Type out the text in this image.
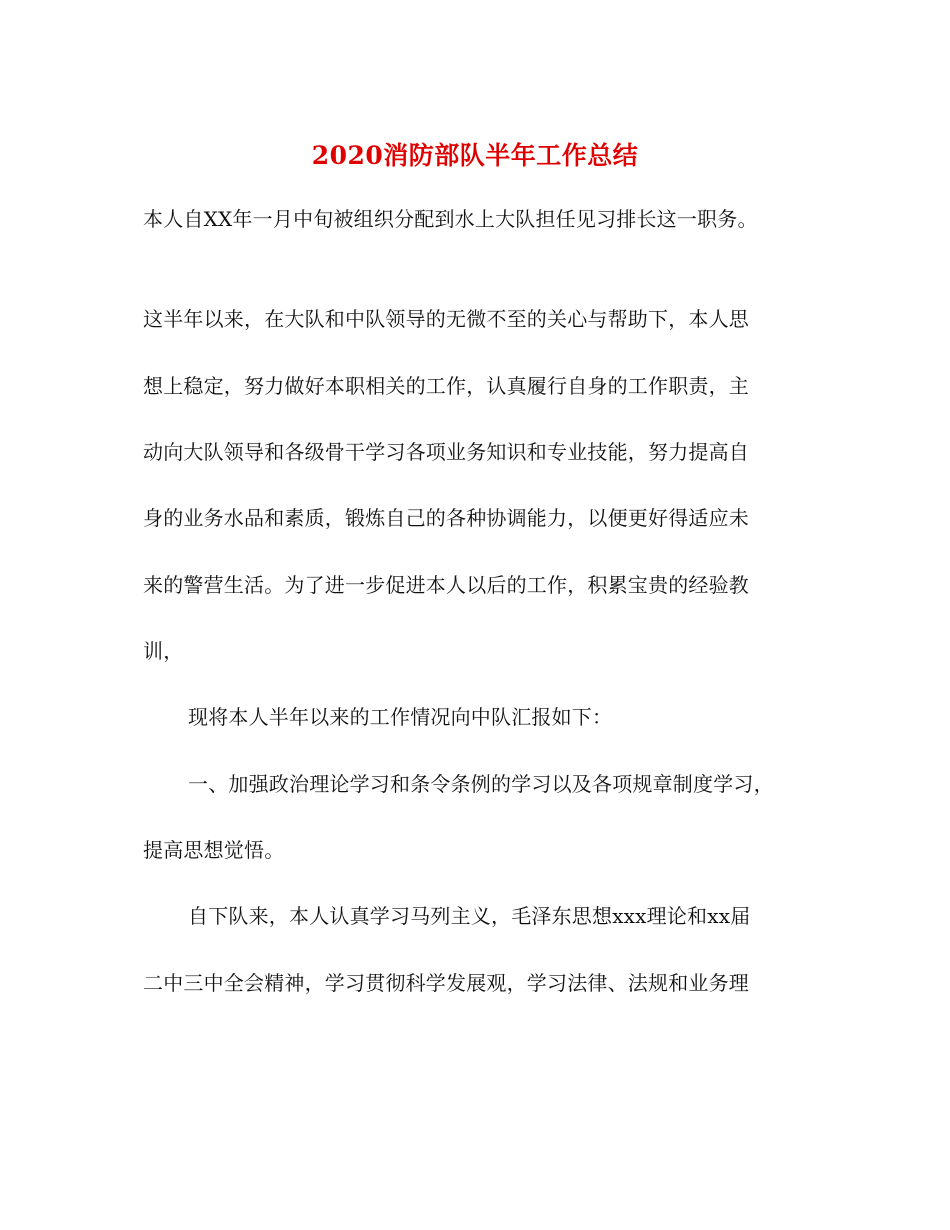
2020消防部队半年工作总结
本人自XX年一月中旬被组织分配到水上大队担任见习排长这一职务。
这半年以来，在大队和中队领导的无微不至的关心与帮助下，本人思
想上稳定，努力做好本职相关的工作，认真履行自身的工作职责，主
动向大队领导和各级骨干学习各项业务知识和专业技能，努力提高自
身的业务水品和素质，锻炼自己的各种协调能力，以便更好得适应未
来的警营生活。为了进一步促进本人以后的工作，积累宝贵的经验教
训，
现将本人半年以来的工作情况向中队汇报如下：
一、加强政治理论学习和条令条例的学习以及各项规章制度学习，
提高思想觉悟。
自下队来，本人认真学习马列主义，毛泽东思想xxx理论和xx届
二中三中全会精神，学习贯彻科学发展观，学习法律、法规和业务理
